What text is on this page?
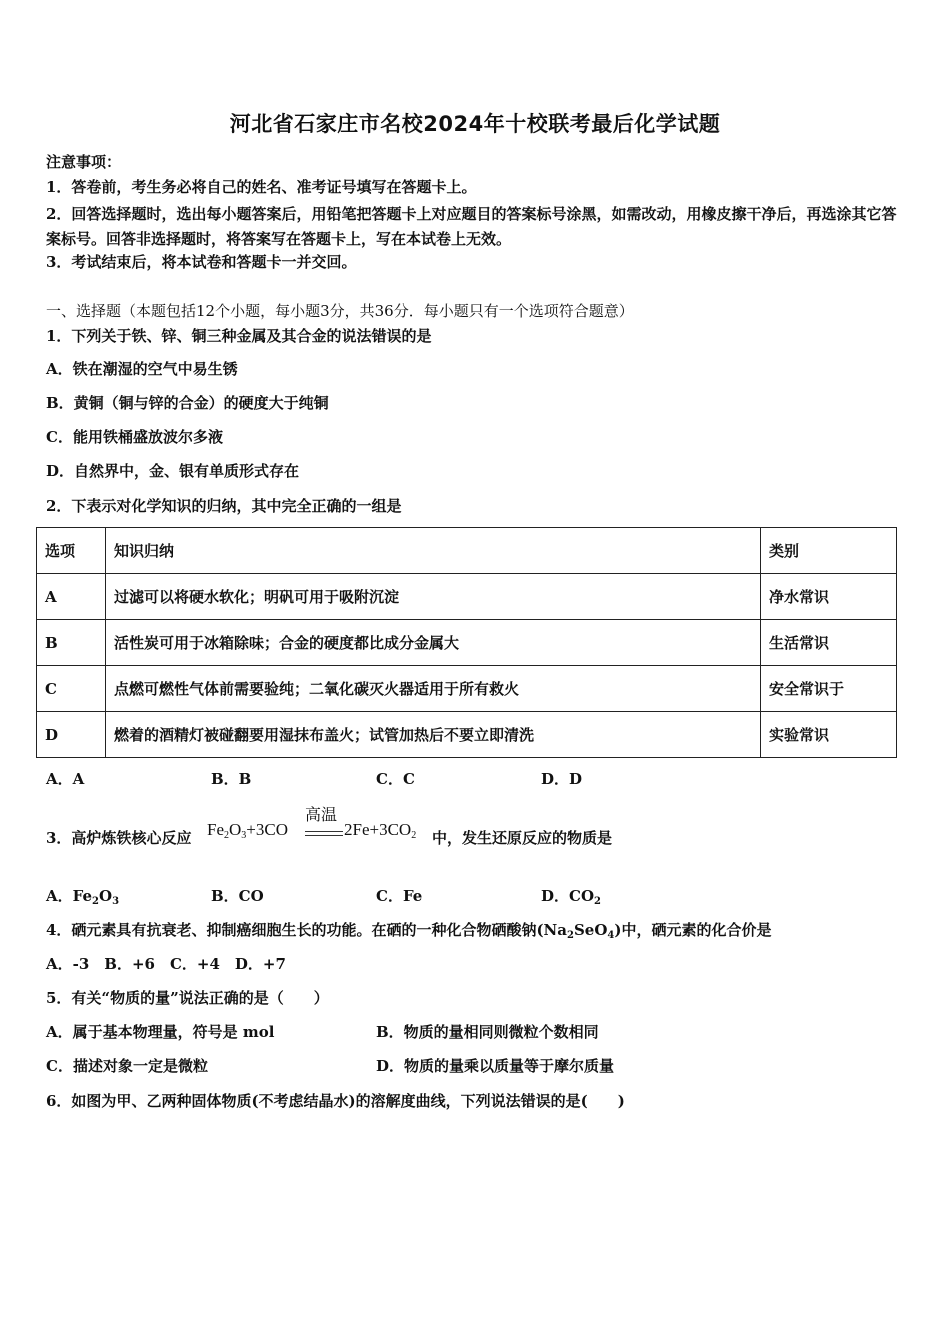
河北省石家庄市名校2024年十校联考最后化学试题
注意事项：
1．答卷前，考生务必将自己的姓名、准考证号填写在答题卡上。
2．回答选择题时，选出每小题答案后，用铅笔把答题卡上对应题目的答案标号涂黑，如需改动，用橡皮擦干净后，再选涂其它答案标号。回答非选择题时，将答案写在答题卡上，写在本试卷上无效。
3．考试结束后，将本试卷和答题卡一并交回。
一、选择题（本题包括12个小题，每小题3分，共36分．每小题只有一个选项符合题意）
1．下列关于铁、锌、铜三种金属及其合金的说法错误的是
A．铁在潮湿的空气中易生锈
B．黄铜（铜与锌的合金）的硬度大于纯铜
C．能用铁桶盛放波尔多液
D．自然界中，金、银有单质形式存在
2．下表示对化学知识的归纳，其中完全正确的一组是
选项	知识归纳	类别
A	过滤可以将硬水软化；明矾可用于吸附沉淀	净水常识
B	活性炭可用于冰箱除味；合金的硬度都比成分金属大	生活常识
C	点燃可燃性气体前需要验纯；二氧化碳灭火器适用于所有救火	安全常识于
D	燃着的酒精灯被碰翻要用湿抹布盖火；试管加热后不要立即清洗	实验常识
A．A	B．B	C．C	D．D
3．高炉炼铁核心反应
高温
$Fe_2O_3+3CO$	$2Fe+3CO_2$ 中，发生还原反应的物质是
A．$Fe_2O_3$	B．CO	C．Fe	D．$CO_2$
4．硒元素具有抗衰老、抑制癌细胞生长的功能。在硒的一种化合物硒酸钠$(Na_2SeO_4)$中，硒元素的化合价是
A．-3　B．+6　C．+4　D．+7
5．有关“物质的量”说法正确的是（　　）
A．属于基本物理量，符号是 mol	B．物质的量相同则微粒个数相同
C．描述对象一定是微粒	D．物质的量乘以质量等于摩尔质量
6．如图为甲、乙两种固体物质(不考虑结晶水)的溶解度曲线，下列说法错误的是(　　)
